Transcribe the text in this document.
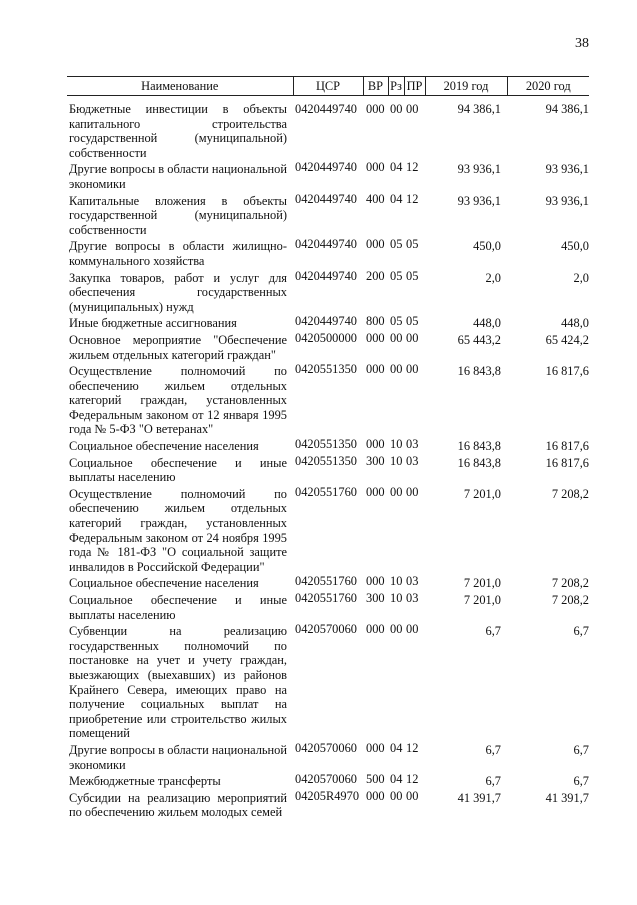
38
Наименование	ЦСР	ВР	Рз	ПР	2019 год	2020 год
Бюджетные инвестиции в объекты капитального строительства государственной (муниципальной) собственности	0420449740	000	00	00	94 386,1	94 386,1
Другие вопросы в области национальной экономики	0420449740	000	04	12	93 936,1	93 936,1
Капитальные вложения в объекты государственной (муниципальной) собственности	0420449740	400	04	12	93 936,1	93 936,1
Другие вопросы в области жилищно-коммунального хозяйства	0420449740	000	05	05	450,0	450,0
Закупка товаров, работ и услуг для обеспечения государственных (муниципальных) нужд	0420449740	200	05	05	2,0	2,0
Иные бюджетные ассигнования	0420449740	800	05	05	448,0	448,0
Основное мероприятие "Обеспечение жильем отдельных категорий граждан"	0420500000	000	00	00	65 443,2	65 424,2
Осуществление полномочий по обеспечению жильем отдельных категорий граждан, установленных Федеральным законом от 12 января 1995 года № 5-ФЗ "О ветеранах"	0420551350	000	00	00	16 843,8	16 817,6
Социальное обеспечение населения	0420551350	000	10	03	16 843,8	16 817,6
Социальное обеспечение и иные выплаты населению	0420551350	300	10	03	16 843,8	16 817,6
Осуществление полномочий по обеспечению жильем отдельных категорий граждан, установленных Федеральным законом от 24 ноября 1995 года № 181-ФЗ "О социальной защите инвалидов в Российской Федерации"	0420551760	000	00	00	7 201,0	7 208,2
Социальное обеспечение населения	0420551760	000	10	03	7 201,0	7 208,2
Социальное обеспечение и иные выплаты населению	0420551760	300	10	03	7 201,0	7 208,2
Субвенции на реализацию государственных полномочий по постановке на учет и учету граждан, выезжающих (выехавших) из районов Крайнего Севера, имеющих право на получение социальных выплат на приобретение или строительство жилых помещений	0420570060	000	00	00	6,7	6,7
Другие вопросы в области национальной экономики	0420570060	000	04	12	6,7	6,7
Межбюджетные трансферты	0420570060	500	04	12	6,7	6,7
Субсидии на реализацию мероприятий по обеспечению жильем молодых семей	04205R4970	000	00	00	41 391,7	41 391,7
